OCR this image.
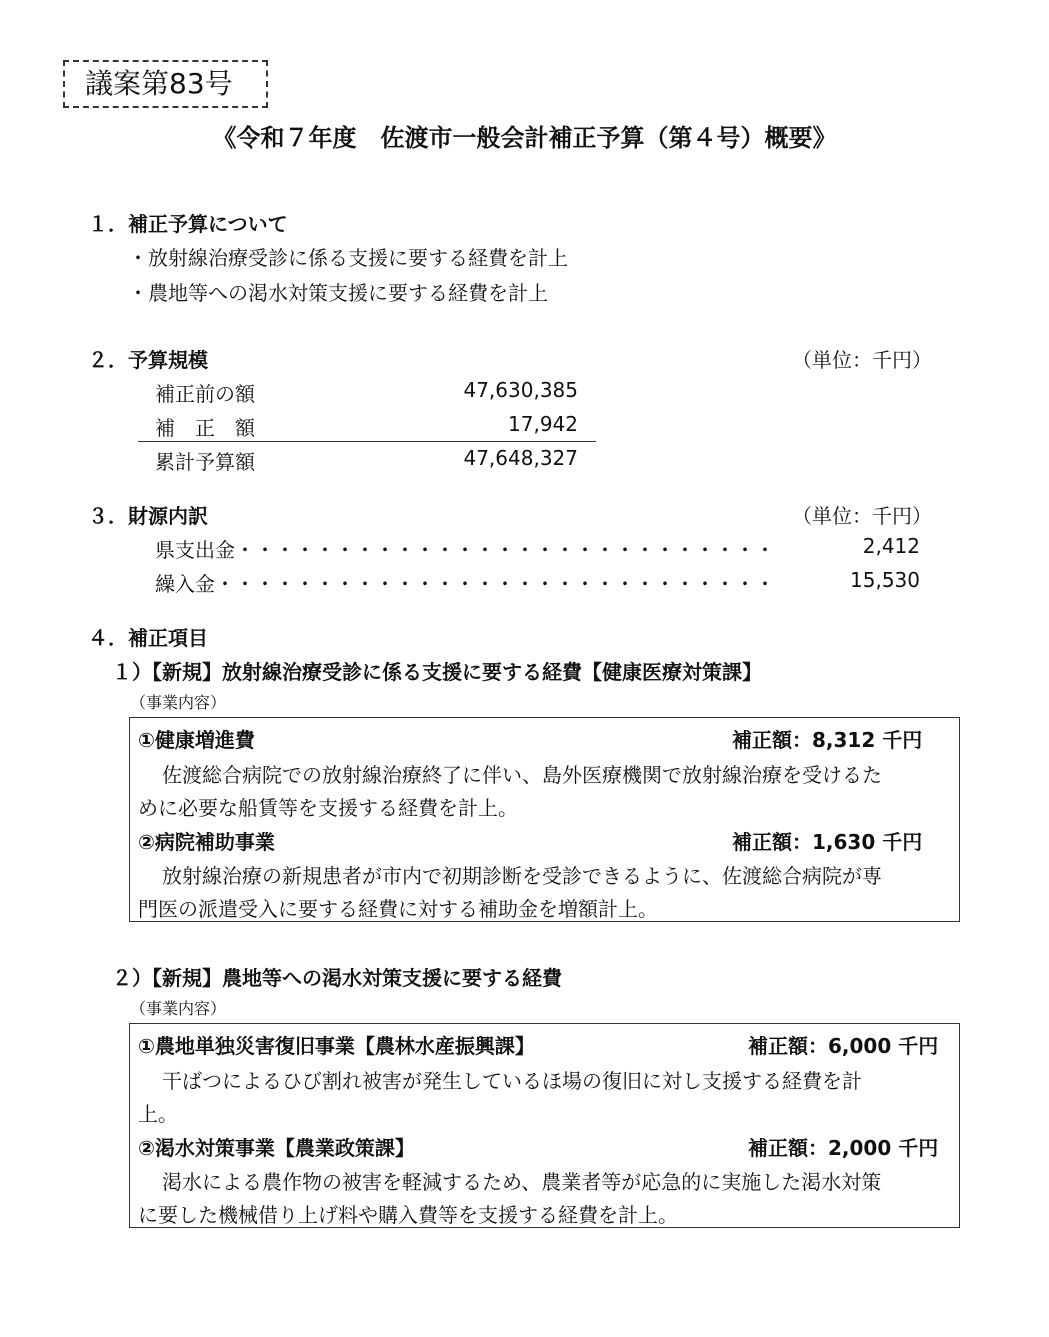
議案第83号
《令和７年度　佐渡市一般会計補正予算（第４号）概要》
１．補正予算について
・放射線治療受診に係る支援に要する経費を計上
・農地等への渇水対策支援に要する経費を計上
２．予算規模	（単位：千円）
補正前の額	47,630,385
補　正　額	17,942
累計予算額	47,648,327
３．財源内訳	（単位：千円）
県支出金・・・・・・・・・・・・・・・・・・・・・・・・・・・	2,412
繰入金・・・・・・・・・・・・・・・・・・・・・・・・・・・・	15,530
４．補正項目
１）【新規】放射線治療受診に係る支援に要する経費【健康医療対策課】
（事業内容）
①健康増進費	補正額：8,312 千円
佐渡総合病院での放射線治療終了に伴い、島外医療機関で放射線治療を受けるた
めに必要な船賃等を支援する経費を計上。
②病院補助事業	補正額：1,630 千円
放射線治療の新規患者が市内で初期診断を受診できるように、佐渡総合病院が専
門医の派遣受入に要する経費に対する補助金を増額計上。
２）【新規】農地等への渇水対策支援に要する経費
（事業内容）
①農地単独災害復旧事業【農林水産振興課】	補正額：6,000 千円
干ばつによるひび割れ被害が発生しているほ場の復旧に対し支援する経費を計
上。
②渇水対策事業【農業政策課】	補正額：2,000 千円
渇水による農作物の被害を軽減するため、農業者等が応急的に実施した渇水対策
に要した機械借り上げ料や購入費等を支援する経費を計上。
